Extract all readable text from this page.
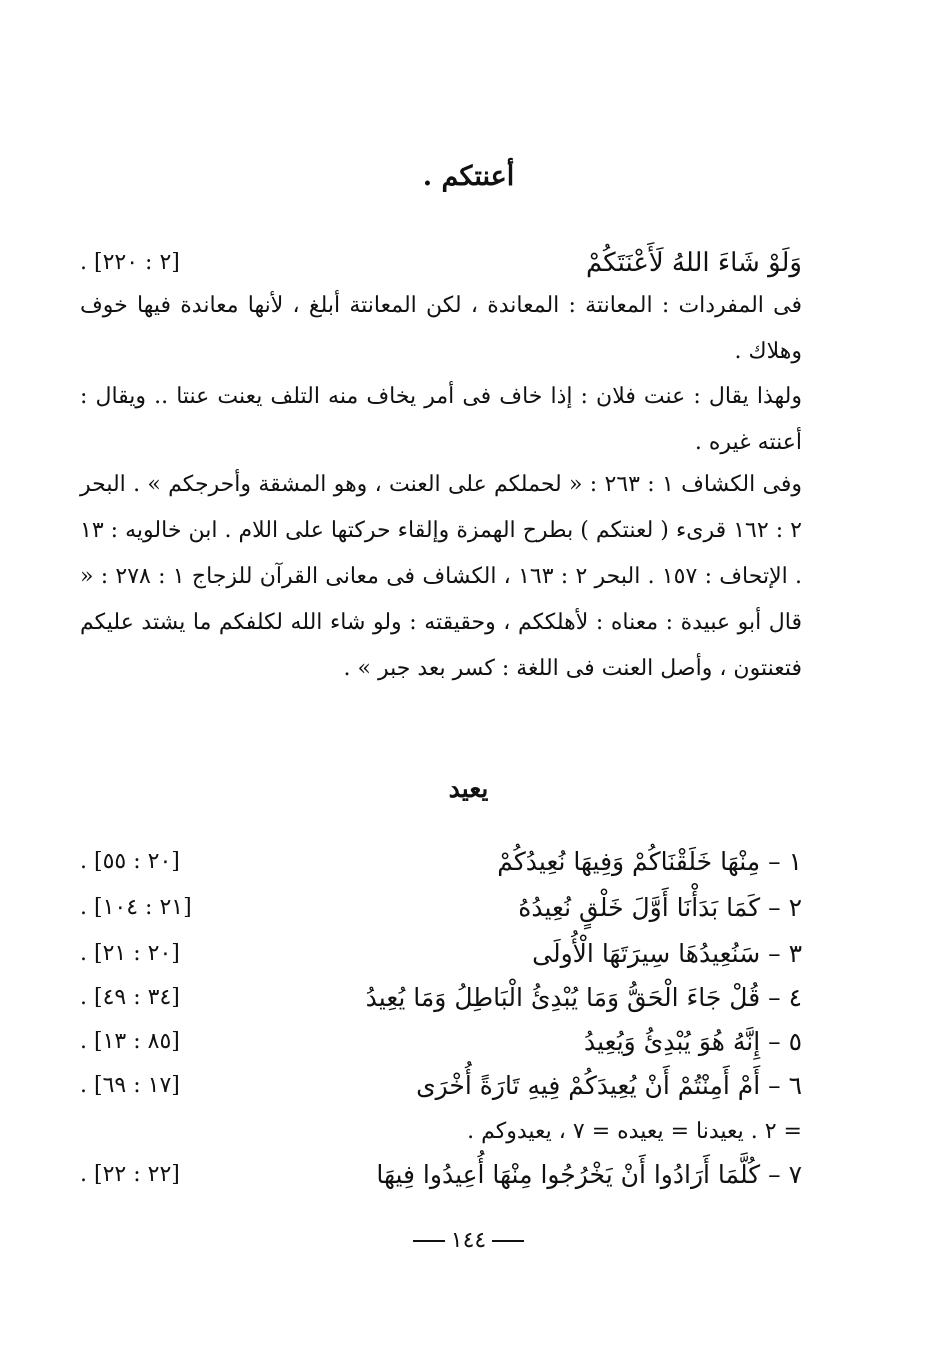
أعنتكم .
وَلَوْ شَاءَ اللهُ لَأَعْنَتَكُمْ
[٢ : ٢٢٠] .
فى المفردات : المعانتة : المعاندة ، لكن المعانتة أبلغ ، لأنها معاندة فيها خوف وهلاك .
ولهذا يقال : عنت فلان : إذا خاف فى أمر يخاف منه التلف يعنت عنتا .. ويقال : أعنته غيره .
وفى الكشاف ١ : ٢٦٣ : « لحملكم على العنت ، وهو المشقة وأحرجكم » . البحر ٢ : ١٦٢ قرىء ( لعنتكم ) بطرح الهمزة وإلقاء حركتها على اللام . ابن خالويه : ١٣ . الإتحاف : ١٥٧ . البحر ٢ : ١٦٣ ، الكشاف فى معانى القرآن للزجاج ١ : ٢٧٨ : « قال أبو عبيدة : معناه : لأهلككم ، وحقيقته : ولو شاء الله لكلفكم ما يشتد عليكم فتعنتون ، وأصل العنت فى اللغة : كسر بعد جبر » .
يعيد
١ – مِنْهَا خَلَقْنَاكُمْ وَفِيهَا نُعِيدُكُمْ
[٢٠ : ٥٥] .
٢ – كَمَا بَدَأْنَا أَوَّلَ خَلْقٍ نُعِيدُهُ
[٢١ : ١٠٤] .
٣ – سَنُعِيدُهَا سِيرَتَهَا الْأُولَى
[٢٠ : ٢١] .
٤ – قُلْ جَاءَ الْحَقُّ وَمَا يُبْدِئُ الْبَاطِلُ وَمَا يُعِيدُ
[٣٤ : ٤٩] .
٥ – إِنَّهُ هُوَ يُبْدِئُ وَيُعِيدُ
[٨٥ : ١٣] .
٦ – أَمْ أَمِنْتُمْ أَنْ يُعِيدَكُمْ فِيهِ تَارَةً أُخْرَى
[١٧ : ٦٩] .
= ٢ . يعيدنا = يعيده = ٧ ، يعيدوكم .
٧ – كُلَّمَا أَرَادُوا أَنْ يَخْرُجُوا مِنْهَا أُعِيدُوا فِيهَا
[٢٢ : ٢٢] .
١٤٤
